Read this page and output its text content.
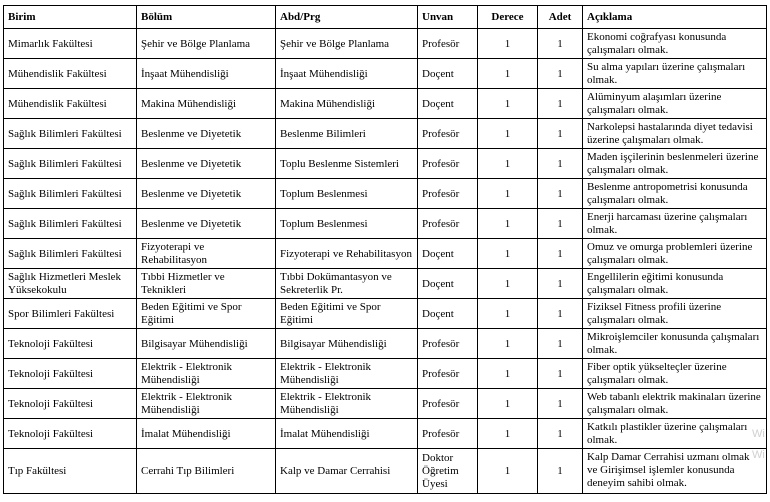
Birim	Bölüm	Abd/Prg	Unvan	Derece	Adet	Açıklama
Mimarlık Fakültesi	Şehir ve Bölge Planlama	Şehir ve Bölge Planlama	Profesör	1	1	Ekonomi coğrafyası konusunda çalışmaları olmak.
Mühendislik Fakültesi	İnşaat Mühendisliği	İnşaat Mühendisliği	Doçent	1	1	Su alma yapıları üzerine çalışmaları olmak.
Mühendislik Fakültesi	Makina Mühendisliği	Makina Mühendisliği	Doçent	1	1	Alüminyum alaşımları üzerine çalışmaları olmak.
Sağlık Bilimleri Fakültesi	Beslenme ve Diyetetik	Beslenme Bilimleri	Profesör	1	1	Narkolepsi hastalarında diyet tedavisi üzerine çalışmaları olmak.
Sağlık Bilimleri Fakültesi	Beslenme ve Diyetetik	Toplu Beslenme Sistemleri	Profesör	1	1	Maden işçilerinin beslenmeleri üzerine çalışmaları olmak.
Sağlık Bilimleri Fakültesi	Beslenme ve Diyetetik	Toplum Beslenmesi	Profesör	1	1	Beslenme antropometrisi konusunda çalışmaları olmak.
Sağlık Bilimleri Fakültesi	Beslenme ve Diyetetik	Toplum Beslenmesi	Profesör	1	1	Enerji harcaması üzerine çalışmaları olmak.
Sağlık Bilimleri Fakültesi	Fizyoterapi ve Rehabilitasyon	Fizyoterapi ve Rehabilitasyon	Doçent	1	1	Omuz ve omurga problemleri üzerine çalışmaları olmak.
Sağlık Hizmetleri Meslek Yüksekokulu	Tıbbi Hizmetler ve Teknikleri	Tıbbi Dokümantasyon ve Sekreterlik Pr.	Doçent	1	1	Engellilerin eğitimi konusunda çalışmaları olmak.
Spor Bilimleri Fakültesi	Beden Eğitimi ve Spor Eğitimi	Beden Eğitimi ve Spor Eğitimi	Doçent	1	1	Fiziksel Fitness profili üzerine çalışmaları olmak.
Teknoloji Fakültesi	Bilgisayar Mühendisliği	Bilgisayar Mühendisliği	Profesör	1	1	Mikroişlemciler konusunda çalışmaları olmak.
Teknoloji Fakültesi	Elektrik - Elektronik Mühendisliği	Elektrik - Elektronik Mühendisliği	Profesör	1	1	Fiber optik yükselteçler üzerine çalışmaları olmak.
Teknoloji Fakültesi	Elektrik - Elektronik Mühendisliği	Elektrik - Elektronik Mühendisliği	Profesör	1	1	Web tabanlı elektrik makinaları üzerine çalışmaları olmak.
Teknoloji Fakültesi	İmalat Mühendisliği	İmalat Mühendisliği	Profesör	1	1	Katkılı plastikler üzerine çalışmaları olmak.
Tıp Fakültesi	Cerrahi Tıp Bilimleri	Kalp ve Damar Cerrahisi	Doktor Öğretim Üyesi	1	1	Kalp Damar Cerrahisi uzmanı olmak ve Girişimsel işlemler konusunda deneyim sahibi olmak.
Wi
Wi
